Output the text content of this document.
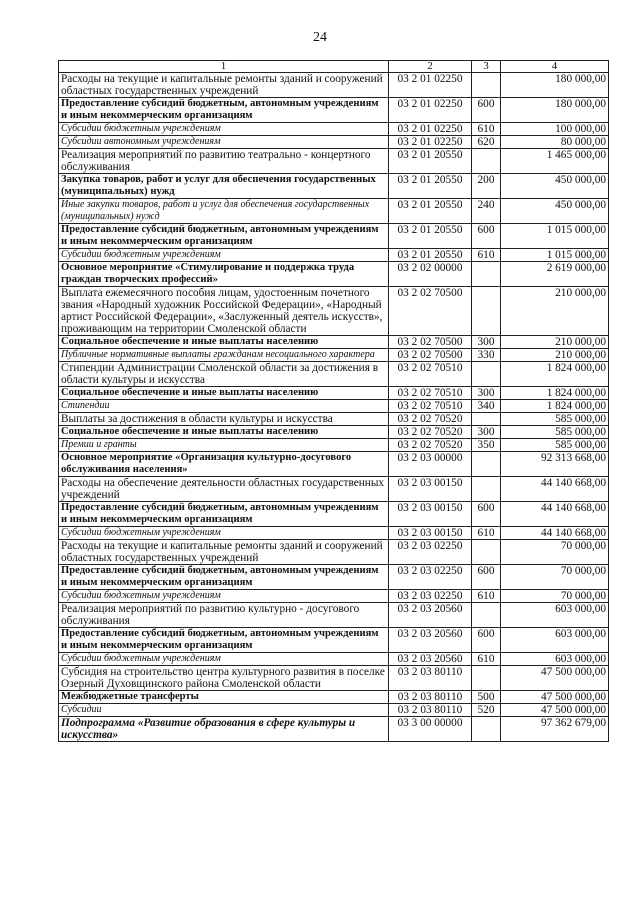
24
1	2	3	4
Расходы на текущие и капитальные ремонты зданий и сооружений областных государственных учреждений	03 2 01 02250		180 000,00
Предоставление субсидий бюджетным, автономным учреждениям и иным некоммерческим организациям	03 2 01 02250	600	180 000,00
Субсидии бюджетным учреждениям	03 2 01 02250	610	100 000,00
Субсидии автономным учреждениям	03 2 01 02250	620	80 000,00
Реализация мероприятий по развитию театрально - концертного обслуживания	03 2 01 20550		1 465 000,00
Закупка товаров, работ и услуг для обеспечения государственных (муниципальных) нужд	03 2 01 20550	200	450 000,00
Иные закупки товаров, работ и услуг для обеспечения государственных (муниципальных) нужд	03 2 01 20550	240	450 000,00
Предоставление субсидий бюджетным, автономным учреждениям и иным некоммерческим организациям	03 2 01 20550	600	1 015 000,00
Субсидии бюджетным учреждениям	03 2 01 20550	610	1 015 000,00
Основное мероприятие «Стимулирование и поддержка труда граждан творческих профессий»	03 2 02 00000		2 619 000,00
Выплата ежемесячного пособия лицам, удостоенным почетного звания «Народный художник Российской Федерации», «Народный артист Российской Федерации», «Заслуженный деятель искусств», проживающим на территории Смоленской области	03 2 02 70500		210 000,00
Социальное обеспечение и иные выплаты населению	03 2 02 70500	300	210 000,00
Публичные нормативные выплаты гражданам несоциального характера	03 2 02 70500	330	210 000,00
Стипендии Администрации Смоленской области за достижения в области культуры и искусства	03 2 02 70510		1 824 000,00
Социальное обеспечение и иные выплаты населению	03 2 02 70510	300	1 824 000,00
Стипендии	03 2 02 70510	340	1 824 000,00
Выплаты за достижения в области культуры и искусства	03 2 02 70520		585 000,00
Социальное обеспечение и иные выплаты населению	03 2 02 70520	300	585 000,00
Премии и гранты	03 2 02 70520	350	585 000,00
Основное мероприятие «Организация культурно-досугового обслуживания населения»	03 2 03 00000		92 313 668,00
Расходы на обеспечение деятельности областных государственных учреждений	03 2 03 00150		44 140 668,00
Предоставление субсидий бюджетным, автономным учреждениям и иным некоммерческим организациям	03 2 03 00150	600	44 140 668,00
Субсидии бюджетным учреждениям	03 2 03 00150	610	44 140 668,00
Расходы на текущие и капитальные ремонты зданий и сооружений областных государственных учреждений	03 2 03 02250		70 000,00
Предоставление субсидий бюджетным, автономным учреждениям и иным некоммерческим организациям	03 2 03 02250	600	70 000,00
Субсидии бюджетным учреждениям	03 2 03 02250	610	70 000,00
Реализация мероприятий по развитию культурно - досугового обслуживания	03 2 03 20560		603 000,00
Предоставление субсидий бюджетным, автономным учреждениям и иным некоммерческим организациям	03 2 03 20560	600	603 000,00
Субсидии бюджетным учреждениям	03 2 03 20560	610	603 000,00
Субсидия на строительство центра культурного развития в поселке Озерный Духовщинского района Смоленской области	03 2 03 80110		47 500 000,00
Межбюджетные трансферты	03 2 03 80110	500	47 500 000,00
Субсидии	03 2 03 80110	520	47 500 000,00
Подпрограмма «Развитие образования в сфере культуры и искусства»	03 3 00 00000		97 362 679,00
